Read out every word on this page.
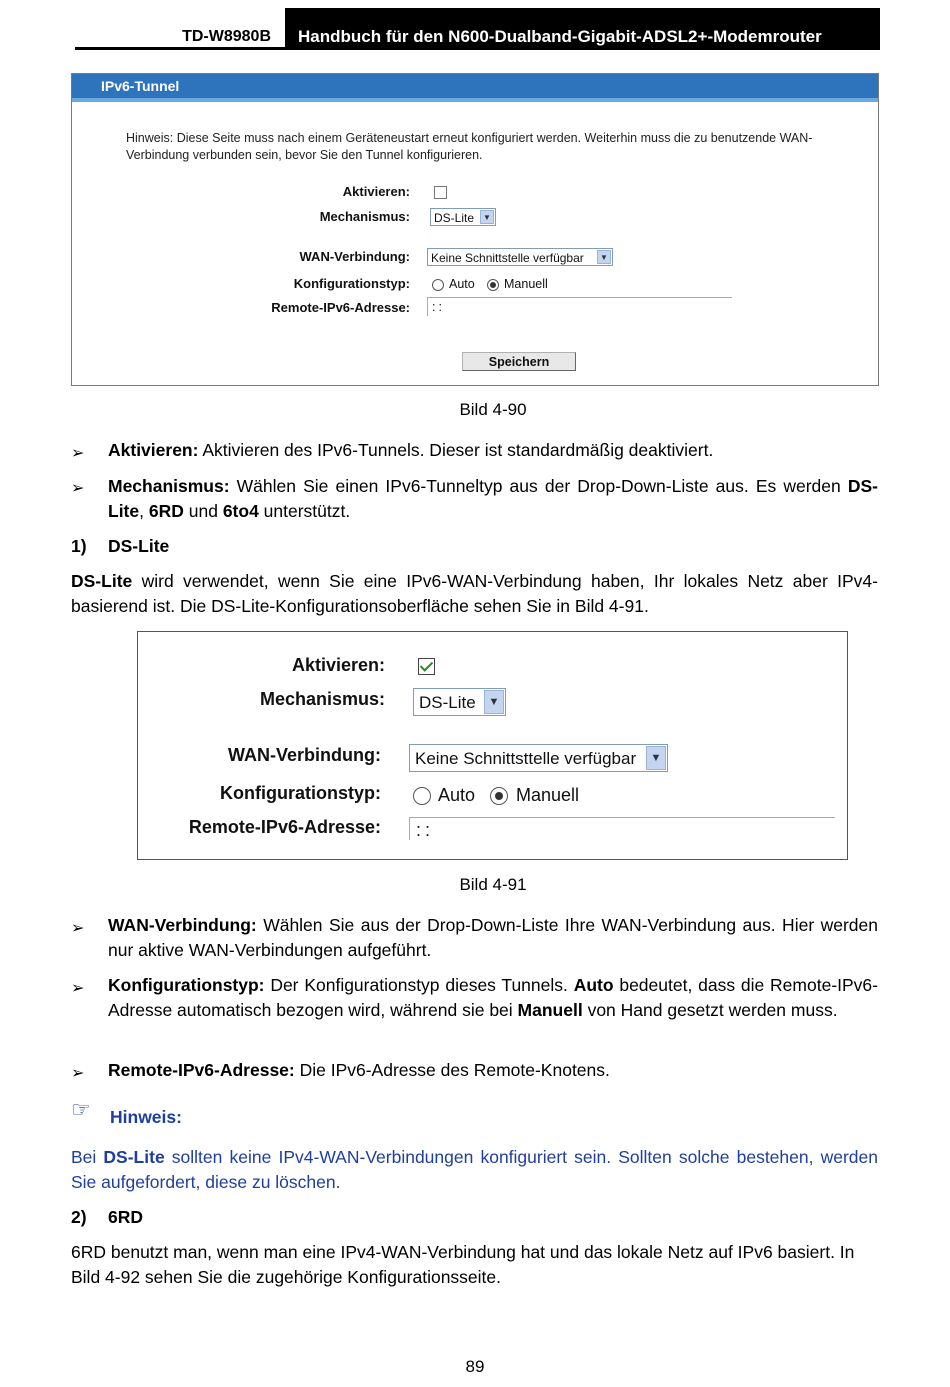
TD-W8980B	Handbuch für den N600-Dualband-Gigabit-ADSL2+-Modemrouter
IPv6-Tunnel
Hinweis: Diese Seite muss nach einem Geräteneustart erneut konfiguriert werden. Weiterhin muss die zu benutzende WAN-Verbindung verbunden sein, bevor Sie den Tunnel konfigurieren.
Aktivieren:
Mechanismus:	DS-Lite	▼
WAN-Verbindung:	Keine Schnittstelle verfügbar	▼
Konfigurationstyp:	Auto Manuell
Remote-IPv6-Adresse: ::
Speichern
Bild 4-90
➢ Aktivieren: Aktivieren des IPv6-Tunnels. Dieser ist standardmäßig deaktiviert.
➢ Mechanismus: Wählen Sie einen IPv6-Tunneltyp aus der Drop-Down-Liste aus. Es werden DS-Lite, 6RD und 6to4 unterstützt.
1) DS-Lite
DS-Lite wird verwendet, wenn Sie eine IPv6-WAN-Verbindung haben, Ihr lokales Netz aber IPv4-basierend ist. Die DS-Lite-Konfigurationsoberfläche sehen Sie in Bild 4-91.
Aktivieren:
Mechanismus:	DS-Lite	▼
WAN-Verbindung:	Keine Schnittsttelle verfügbar	▼
Konfigurationstyp:	Auto Manuell
Remote-IPv6-Adresse: ::
Bild 4-91
➢ WAN-Verbindung: Wählen Sie aus der Drop-Down-Liste Ihre WAN-Verbindung aus. Hier werden nur aktive WAN-Verbindungen aufgeführt.
➢ Konfigurationstyp: Der Konfigurationstyp dieses Tunnels. Auto bedeutet, dass die Remote-IPv6-Adresse automatisch bezogen wird, während sie bei Manuell von Hand gesetzt werden muss.
➢ Remote-IPv6-Adresse: Die IPv6-Adresse des Remote-Knotens.
☞ Hinweis:
Bei DS-Lite sollten keine IPv4-WAN-Verbindungen konfiguriert sein. Sollten solche bestehen, werden Sie aufgefordert, diese zu löschen.
2) 6RD
6RD benutzt man, wenn man eine IPv4-WAN-Verbindung hat und das lokale Netz auf IPv6 basiert. In Bild 4-92 sehen Sie die zugehörige Konfigurationsseite.
89
